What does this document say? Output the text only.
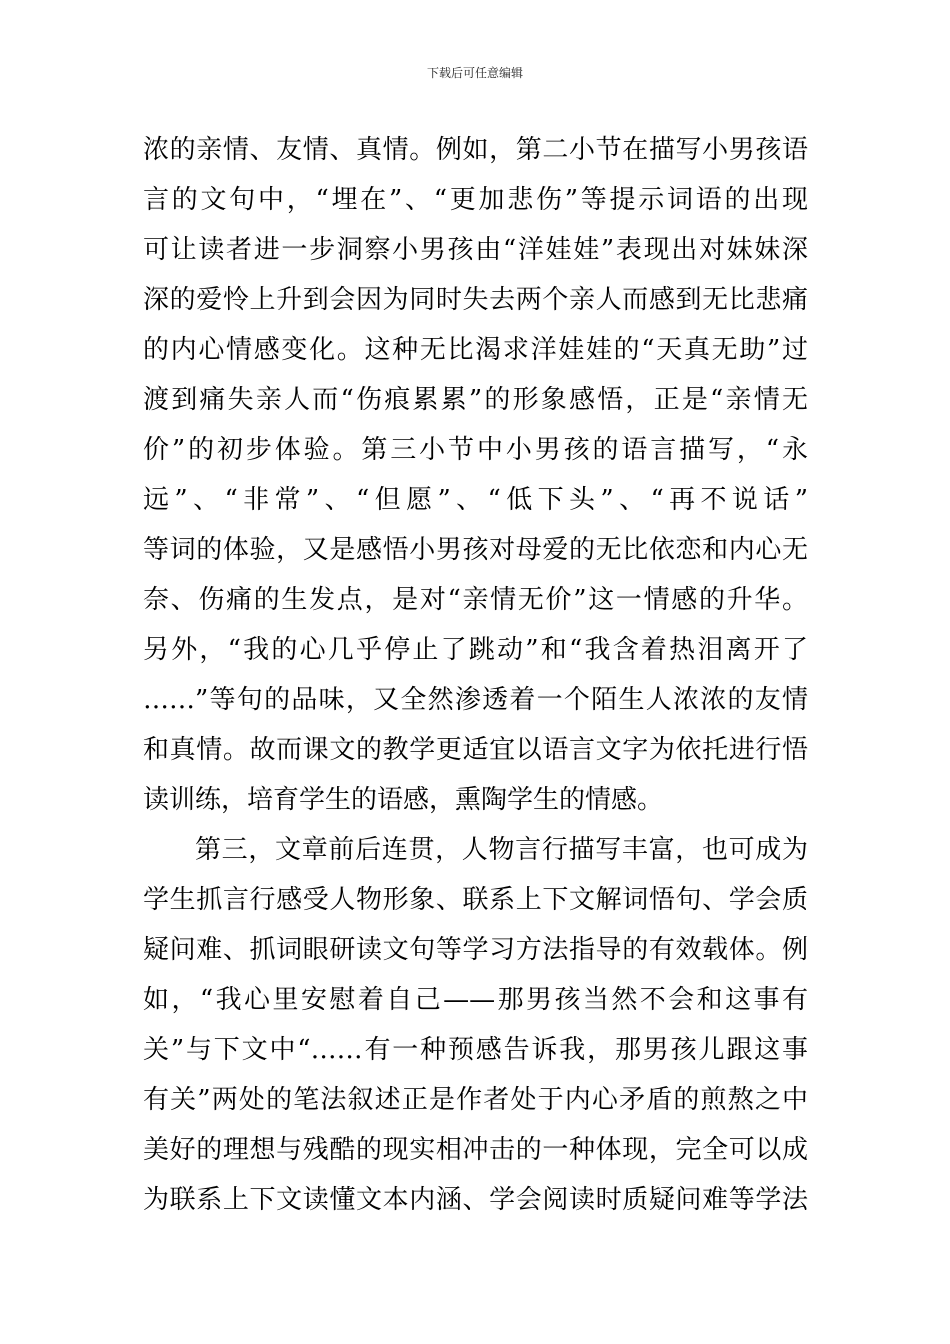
下载后可任意编辑
浓的亲情、友情、真情。例如，第二小节在描写小男孩语
言的文句中，“埋在”、“更加悲伤”等提示词语的出现
可让读者进一步洞察小男孩由“洋娃娃”表现出对妹妹深
深的爱怜上升到会因为同时失去两个亲人而感到无比悲痛
的内心情感变化。这种无比渴求洋娃娃的“天真无助”过
渡到痛失亲人而“伤痕累累”的形象感悟，正是“亲情无
价”的初步体验。第三小节中小男孩的语言描写，“永
远”、“非常”、“但愿”、“低下头”、“再不说话”
等词的体验，又是感悟小男孩对母爱的无比依恋和内心无
奈、伤痛的生发点，是对“亲情无价”这一情感的升华。
另外，“我的心几乎停止了跳动”和“我含着热泪离开了
……”等句的品味，又全然渗透着一个陌生人浓浓的友情
和真情。故而课文的教学更适宜以语言文字为依托进行悟
读训练，培育学生的语感，熏陶学生的情感。
第三，文章前后连贯，人物言行描写丰富，也可成为
学生抓言行感受人物形象、联系上下文解词悟句、学会质
疑问难、抓词眼研读文句等学习方法指导的有效载体。例
如，“我心里安慰着自己——那男孩当然不会和这事有
关”与下文中“……有一种预感告诉我，那男孩儿跟这事
有关”两处的笔法叙述正是作者处于内心矛盾的煎熬之中
美好的理想与残酷的现实相冲击的一种体现，完全可以成
为联系上下文读懂文本内涵、学会阅读时质疑问难等学法
